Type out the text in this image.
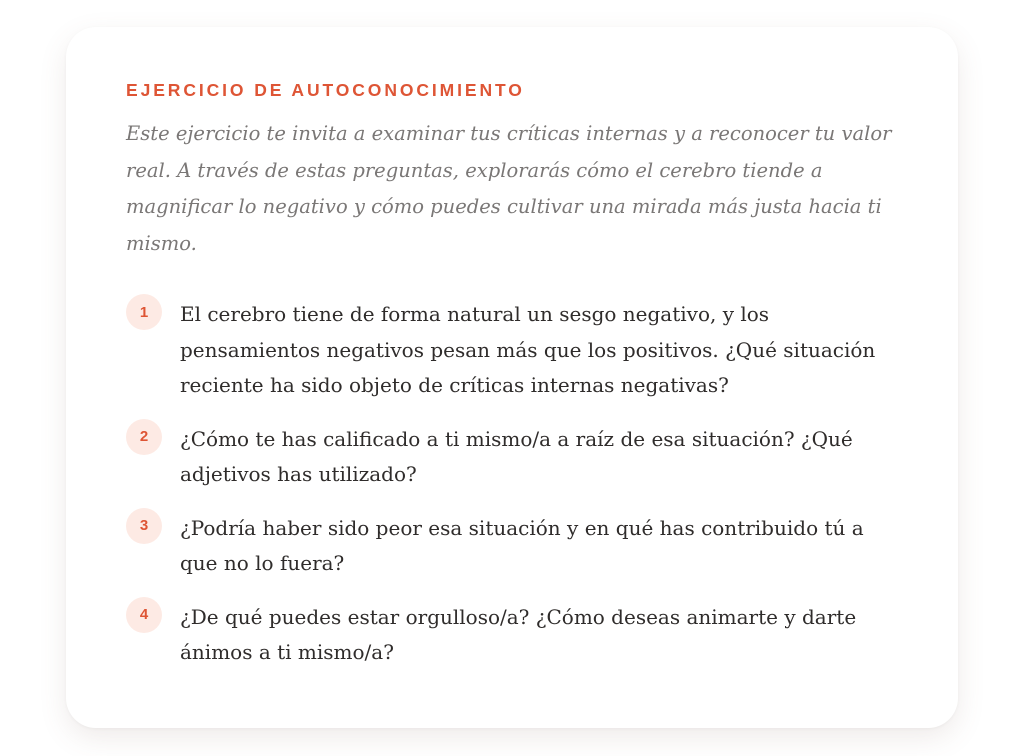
EJERCICIO DE AUTOCONOCIMIENTO

Este ejercicio te invita a examinar tus críticas internas y a reconocer tu valor real. A través de estas preguntas, explorarás cómo el cerebro tiende a magnificar lo negativo y cómo puedes cultivar una mirada más justa hacia ti mismo.

1	El cerebro tiene de forma natural un sesgo negativo, y los pensamientos negativos pesan más que los positivos. ¿Qué situación reciente ha sido objeto de críticas internas negativas?
2	¿Cómo te has calificado a ti mismo/a a raíz de esa situación? ¿Qué adjetivos has utilizado?
3	¿Podría haber sido peor esa situación y en qué has contribuido tú a que no lo fuera?
4	¿De qué puedes estar orgulloso/a? ¿Cómo deseas animarte y darte ánimos a ti mismo/a?
